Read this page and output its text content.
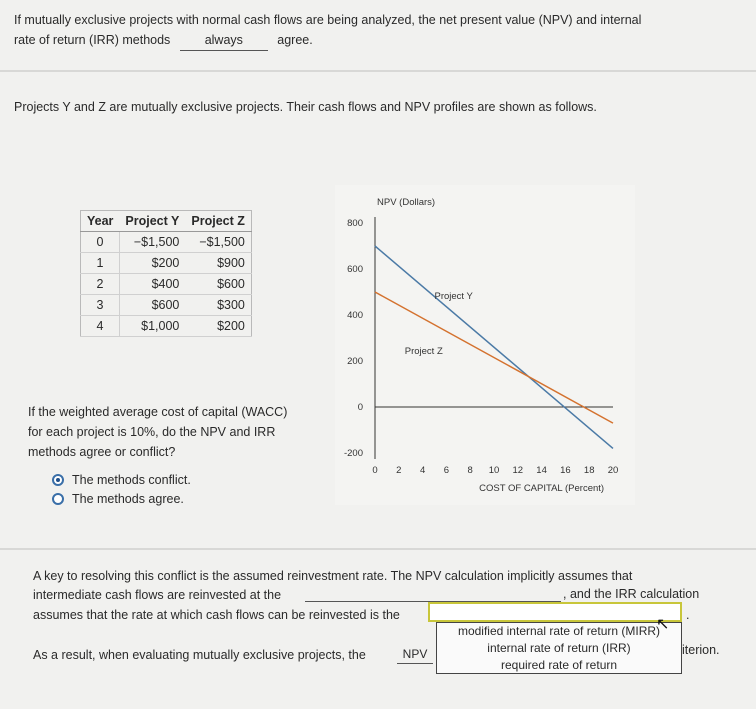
If mutually exclusive projects with normal cash flows are being analyzed, the net present value (NPV) and internal
rate of return (IRR) methods	always	agree.
Projects Y and Z are mutually exclusive projects. Their cash flows and NPV profiles are shown as follows.
Year	Project Y	Project Z
0	−$1,500	−$1,500
1	$200	$900
2	$400	$600
3	$600	$300
4	$1,000	$200
If the weighted average cost of capital (WACC)
for each project is 10%, do the NPV and IRR
methods agree or conflict?
The methods conflict.
The methods agree.
NPV (Dollars)
800
600
400
200
0
-200
0 2 4 6 8 10 12 14 16 18 20
COST OF CAPITAL (Percent)
Project Y
Project Z
A key to resolving this conflict is the assumed reinvestment rate. The NPV calculation implicitly assumes that
intermediate cash flows are reinvested at the	, and the IRR calculation
assumes that the rate at which cash flows can be reinvested is the	.
modified internal rate of return (MIRR)
internal rate of return (IRR)
required rate of return
↖
As a result, when evaluating mutually exclusive projects, the	NPV	iterion.
